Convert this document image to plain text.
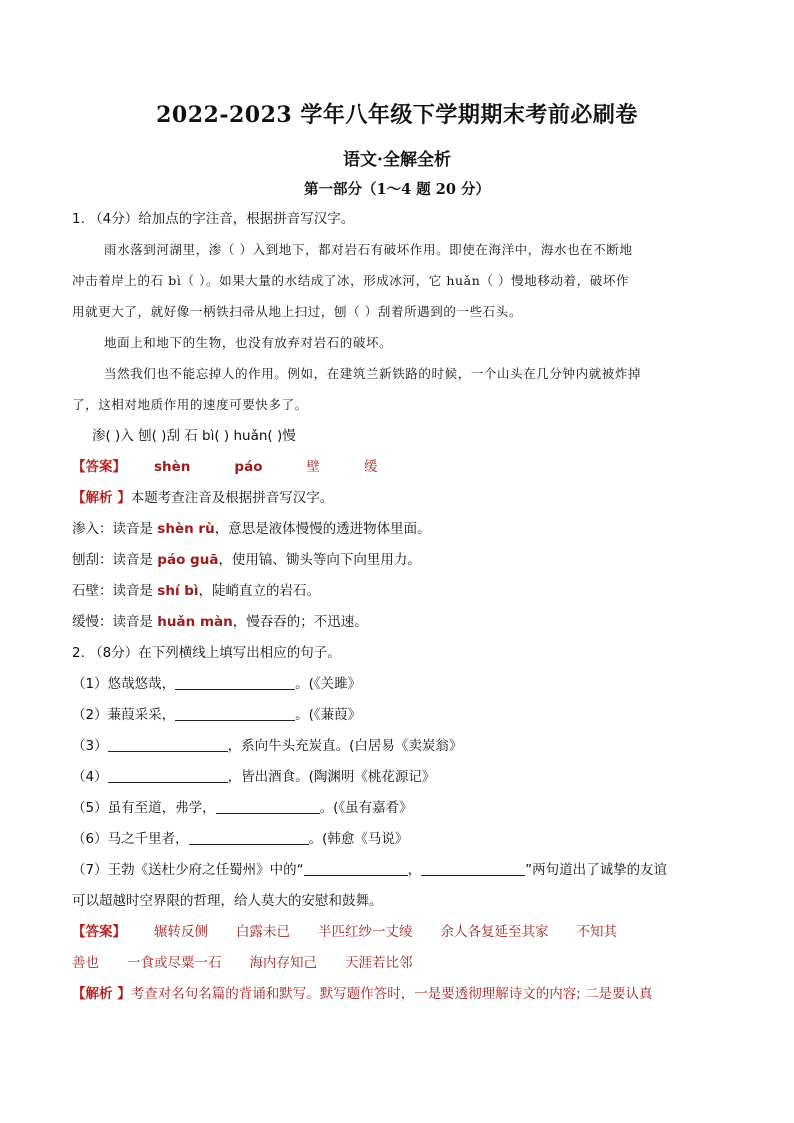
2022-2023 学年八年级下学期期末考前必刷卷
语文·全解全析
第一部分（1～4 题 20 分）
1. （4分）给加点的字注音，根据拼音写汉字。
雨水落到河湖里，渗（ ）入到地下，都对岩石有破坏作用。即使在海洋中，海水也在不断地
冲击着岸上的石 bì（ ）。如果大量的水结成了冰，形成冰河，它 huǎn（ ）慢地移动着，破坏作
用就更大了，就好像一柄铁扫帚从地上扫过，刨（ ）刮着所遇到的一些石头。
地面上和地下的生物，也没有放弃对岩石的破坏。
当然我们也不能忘掉人的作用。例如，在建筑兰新铁路的时候，一个山头在几分钟内就被炸掉
了，这相对地质作用的速度可要快多了。
渗( )入 刨( )刮 石 bì( ) huǎn( )慢
【答案】 shèn	páo	壁	缓
【解析 】本题考查注音及根据拼音写汉字。
渗入：读音是 shèn rù，意思是液体慢慢的透进物体里面。
刨刮：读音是 páo guā，使用镐、锄头等向下向里用力。
石壁：读音是 shí bì，陡峭直立的岩石。
缓慢：读音是 huǎn màn，慢吞吞的；不迅速。
2. （8分）在下列横线上填写出相应的句子。
（1）悠哉悠哉，	。(《关雎》
（2）蒹葭采采，	。(《蒹葭》
（3）	，系向牛头充炭直。(白居易《卖炭翁》
（4）	，皆出酒食。(陶渊明《桃花源记》
（5）虽有至道，弗学，	。(《虽有嘉肴》
（6）马之千里者，	。(韩愈《马说》
（7）王勃《送杜少府之任蜀州》中的“	，	”两句道出了诚挚的友谊
可以超越时空界限的哲理，给人莫大的安慰和鼓舞。
【答案】 辗转反侧 白露未已 半匹红纱一丈绫 余人各复延至其家 不知其
善也 一食或尽粟一石 海内存知己 天涯若比邻
【解析 】考查对名句名篇的背诵和默写。默写题作答时，一是要透彻理解诗文的内容; 二是要认真
